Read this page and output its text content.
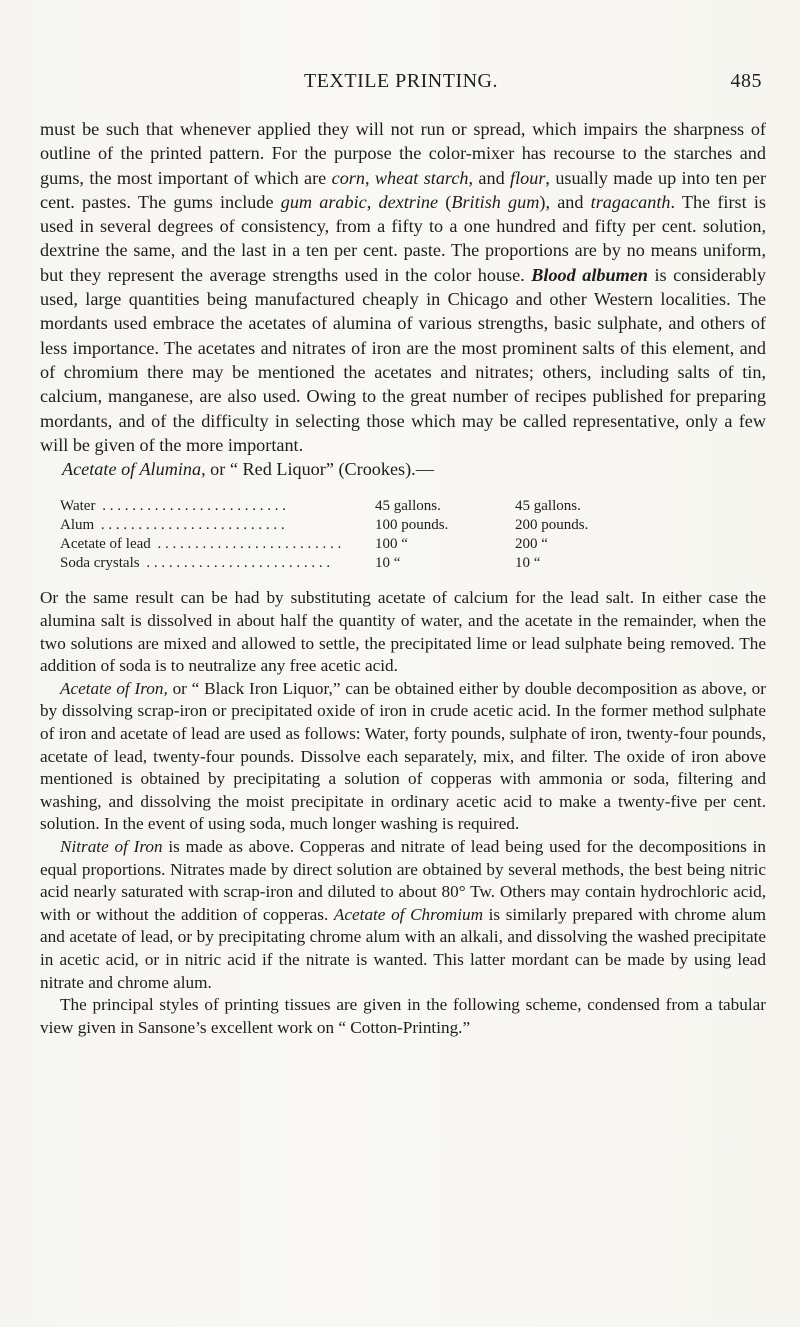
TEXTILE PRINTING.	485

must be such that whenever applied they will not run or spread, which impairs the sharpness of outline of the printed pattern. For the purpose the color-mixer has recourse to the starches and gums, the most important of which are corn, wheat starch, and flour, usually made up into ten per cent. pastes. The gums include gum arabic, dextrine (British gum), and tragacanth. The first is used in several degrees of consistency, from a fifty to a one hundred and fifty per cent. solution, dextrine the same, and the last in a ten per cent. paste. The proportions are by no means uniform, but they represent the average strengths used in the color house. Blood albumen is considerably used, large quantities being manufactured cheaply in Chicago and other Western localities. The mordants used embrace the acetates of alumina of various strengths, basic sulphate, and others of less importance. The acetates and nitrates of iron are the most prominent salts of this element, and of chromium there may be mentioned the acetates and nitrates; others, including salts of tin, calcium, manganese, are also used. Owing to the great number of recipes published for preparing mordants, and of the difficulty in selecting those which may be called representative, only a few will be given of the more important.

Acetate of Alumina, or “ Red Liquor” (Crookes).—

Water . . . . . . . . . . . . . . . . . . . . . . . . .	45 gallons.	45 gallons.
Alum . . . . . . . . . . . . . . . . . . . . . . . . .	100 pounds.	200 pounds.
Acetate of lead . . . . . . . . . . . . . . . . . . . . . . . . .	100 “	200 “
Soda crystals . . . . . . . . . . . . . . . . . . . . . . . . .	10 “	10 “

Or the same result can be had by substituting acetate of calcium for the lead salt. In either case the alumina salt is dissolved in about half the quantity of water, and the acetate in the remainder, when the two solutions are mixed and allowed to settle, the precipitated lime or lead sulphate being removed. The addition of soda is to neutralize any free acetic acid.

Acetate of Iron, or “ Black Iron Liquor,” can be obtained either by double decomposition as above, or by dissolving scrap-iron or precipitated oxide of iron in crude acetic acid. In the former method sulphate of iron and acetate of lead are used as follows: Water, forty pounds, sulphate of iron, twenty-four pounds, acetate of lead, twenty-four pounds. Dissolve each separately, mix, and filter. The oxide of iron above mentioned is obtained by precipitating a solution of copperas with ammonia or soda, filtering and washing, and dissolving the moist precipitate in ordinary acetic acid to make a twenty-five per cent. solution. In the event of using soda, much longer washing is required.

Nitrate of Iron is made as above. Copperas and nitrate of lead being used for the decompositions in equal proportions. Nitrates made by direct solution are obtained by several methods, the best being nitric acid nearly saturated with scrap-iron and diluted to about 80° Tw. Others may contain hydrochloric acid, with or without the addition of copperas. Acetate of Chromium is similarly prepared with chrome alum and acetate of lead, or by precipitating chrome alum with an alkali, and dissolving the washed precipitate in acetic acid, or in nitric acid if the nitrate is wanted. This latter mordant can be made by using lead nitrate and chrome alum.

The principal styles of printing tissues are given in the following scheme, condensed from a tabular view given in Sansone’s excellent work on “ Cotton-Printing.”
